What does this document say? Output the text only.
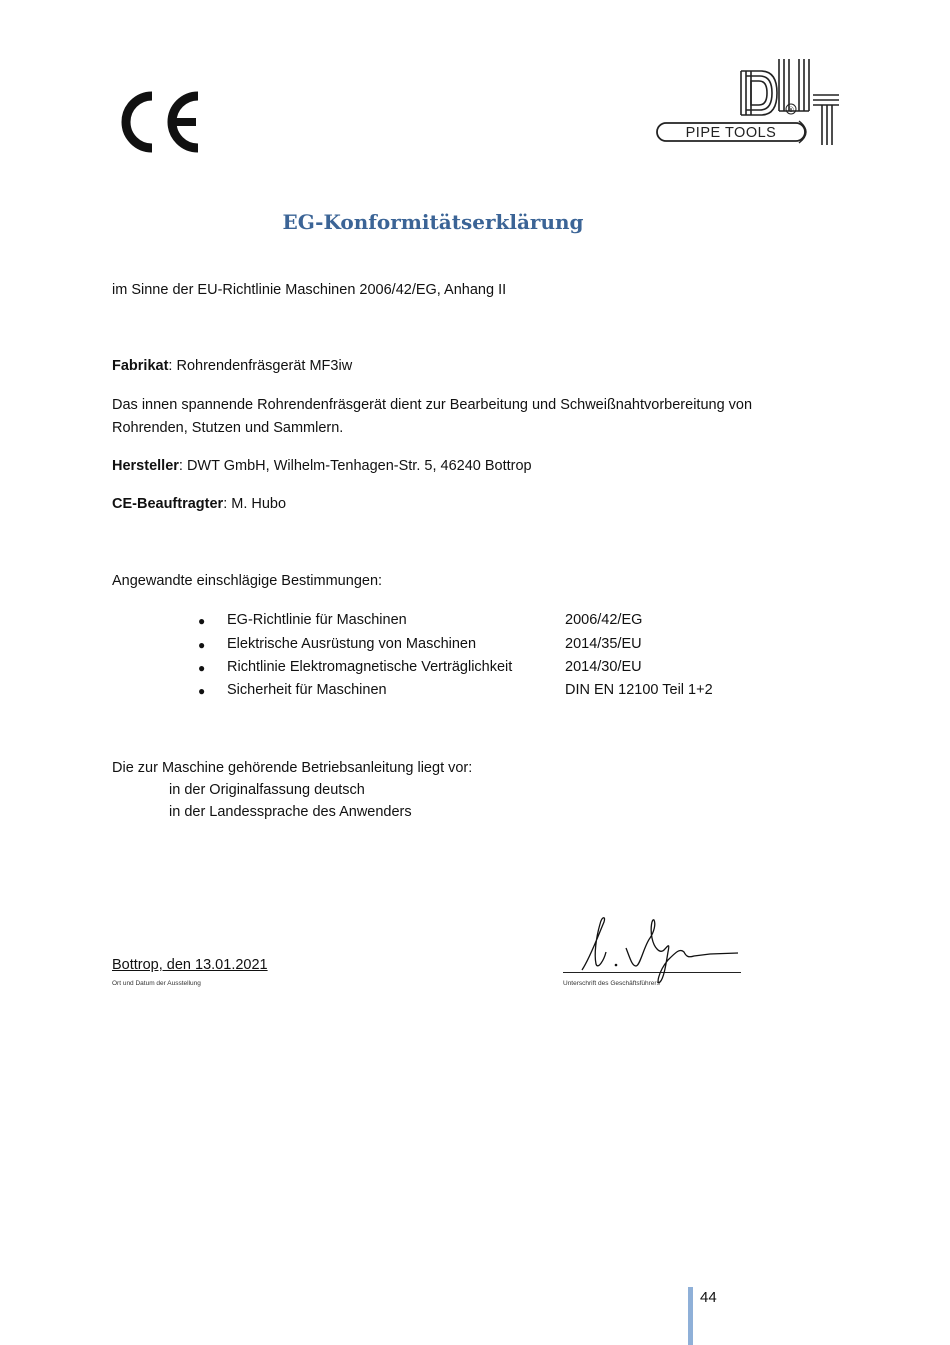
®
PIPE TOOLS
EG-Konformitätserklärung
im Sinne der EU-Richtlinie Maschinen 2006/42/EG, Anhang II
Fabrikat: Rohrendenfräsgerät MF3iw
Das innen spannende Rohrendenfräsgerät dient zur Bearbeitung und Schweißnahtvorbereitung von
Rohrenden, Stutzen und Sammlern.
Hersteller: DWT GmbH, Wilhelm-Tenhagen-Str. 5, 46240 Bottrop
CE-Beauftragter: M. Hubo
Angewandte einschlägige Bestimmungen:
● EG-Richtlinie für Maschinen	2006/42/EG
● Elektrische Ausrüstung von Maschinen	2014/35/EU
● Richtlinie Elektromagnetische Verträglichkeit	2014/30/EU
● Sicherheit für Maschinen	DIN EN 12100 Teil 1+2
Die zur Maschine gehörende Betriebsanleitung liegt vor:
in der Originalfassung deutsch
in der Landessprache des Anwenders
Bottrop, den 13.01.2021
Ort und Datum der Ausstellung	Unterschrift des Geschäftsführers
44
